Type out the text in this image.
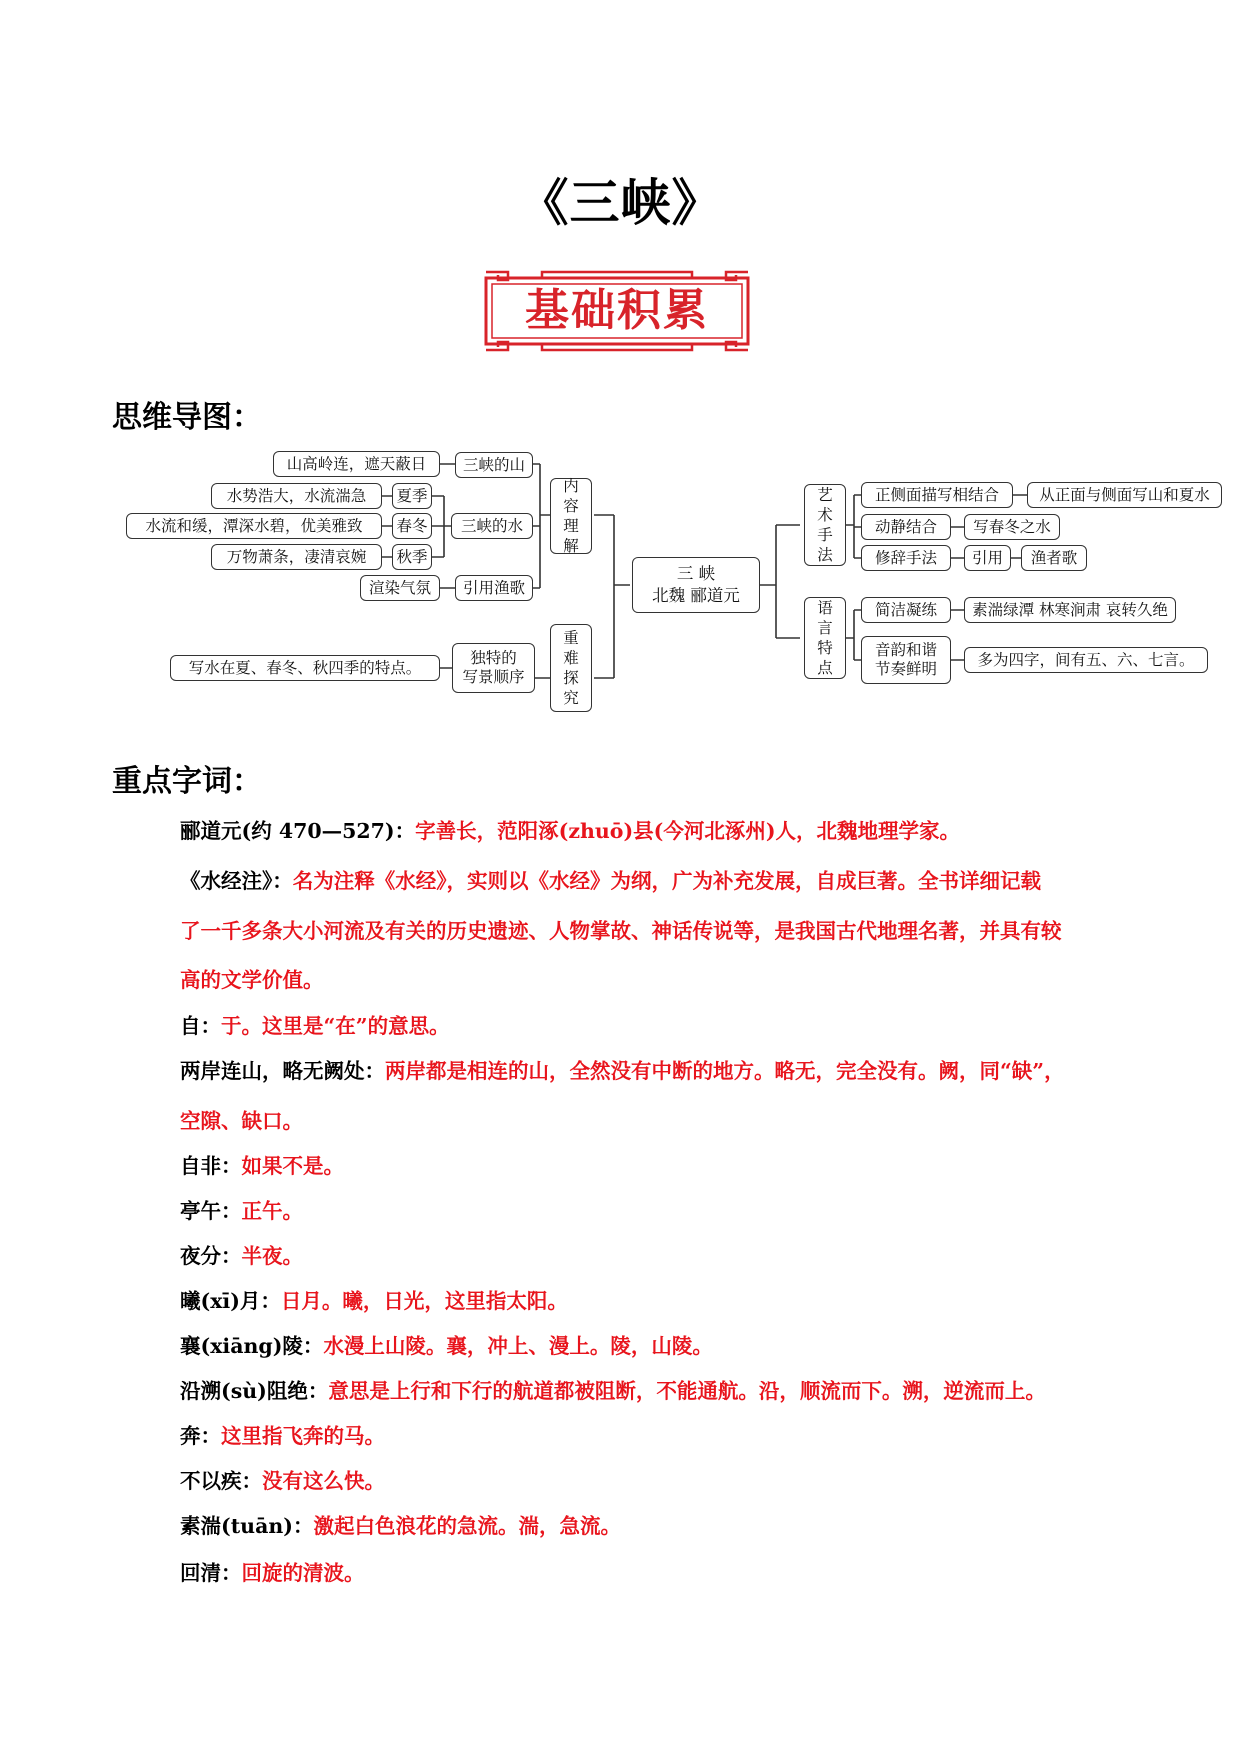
《三峡》
基础积累
思维导图：
三 峡
北魏 郦道元
内
容
理
解
三峡的山
山高岭连，遮天蔽日
三峡的水
夏季
水势浩大，水流湍急
春冬
水流和缓，潭深水碧，优美雅致
秋季
万物萧条，凄清哀婉
引用渔歌
渲染气氛
重
难
探
究
独特的
写景顺序
写水在夏、春冬、秋四季的特点。
艺
术
手
法
正侧面描写相结合	从正面与侧面写山和夏水
动静结合	写春冬之水
修辞手法	引用	渔者歌
语
言
特
点
简洁凝练	素湍绿潭 林寒涧肃 哀转久绝
音韵和谐
节奏鲜明
多为四字，间有五、六、七言。
重点字词：
郦道元(约 470—527)：字善长，范阳涿(zhuō)县(今河北涿州)人，北魏地理学家。
《水经注》：名为注释《水经》，实则以《水经》为纲，广为补充发展，自成巨著。全书详细记载
了一千多条大小河流及有关的历史遗迹、人物掌故、神话传说等，是我国古代地理名著，并具有较
高的文学价值。
自：于。这里是“在”的意思。
两岸连山，略无阙处：两岸都是相连的山，全然没有中断的地方。略无，完全没有。阙，同“缺”，
空隙、缺口。
自非：如果不是。
亭午：正午。
夜分：半夜。
曦(xī)月：日月。曦，日光，这里指太阳。
襄(xiāng)陵：水漫上山陵。襄，冲上、漫上。陵，山陵。
沿溯(sù)阻绝：意思是上行和下行的航道都被阻断，不能通航。沿，顺流而下。溯，逆流而上。
奔：这里指飞奔的马。
不以疾：没有这么快。
素湍(tuān)：激起白色浪花的急流。湍，急流。
回清：回旋的清波。
